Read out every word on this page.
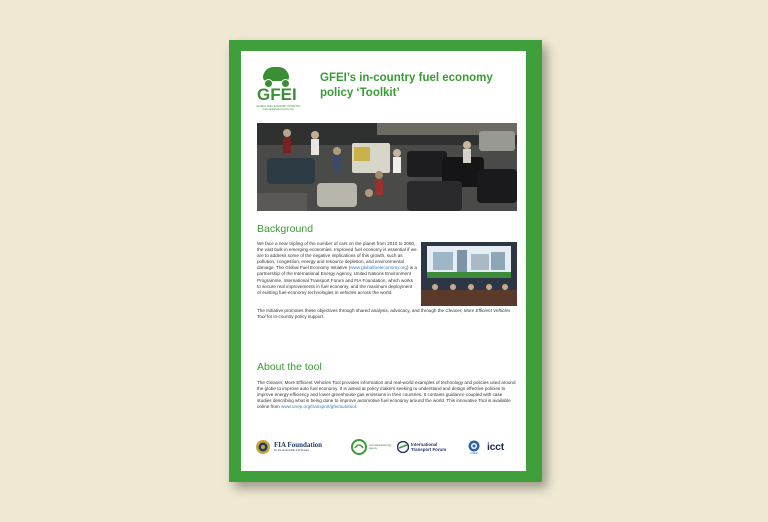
GFEI
GLOBAL FUEL ECONOMY INITIATIVE
www.globalfueleconomy.org
GFEI’s in-country fuel economy
policy ‘Toolkit’
Background
We face a near tripling of the number of cars on the planet from 2010 to 2050, the vast bulk in emerging economies. Improved fuel economy is essential if we are to address some of the negative implications of this growth, such as pollution, congestion, energy and resource depletion, and environmental damage. The Global Fuel Economy Initiative (www.globalfueleconomy.org) is a partnership of the International Energy Agency, United Nations Environment Programme, International Transport Forum and FIA Foundation, which works to secure real improvements in fuel economy, and the maximum deployment of existing fuel-economy technologies in vehicles across the world.
The Initiative promotes these objectives through shared analysis, advocacy, and through the Cleaner, More Efficient Vehicles Tool for in-country policy support.
About the tool
The Cleaner, More Efficient Vehicles Tool provides information and real-world examples of technology and policies used around the globe to improve auto fuel economy. It is aimed at policy makers seeking to understand and design effective policies to improve energy efficiency and lower greenhouse gas emissions in their countries. It contains guidance coupled with case studies describing what is being done to improve automotive fuel economy around the world. This innovative Tool is available online from www.unep.org/transport/gfei/autotool.
FIA Foundation
for the Automobile and Society
International Energy Agency
International
Transport Forum
UNEP icct
